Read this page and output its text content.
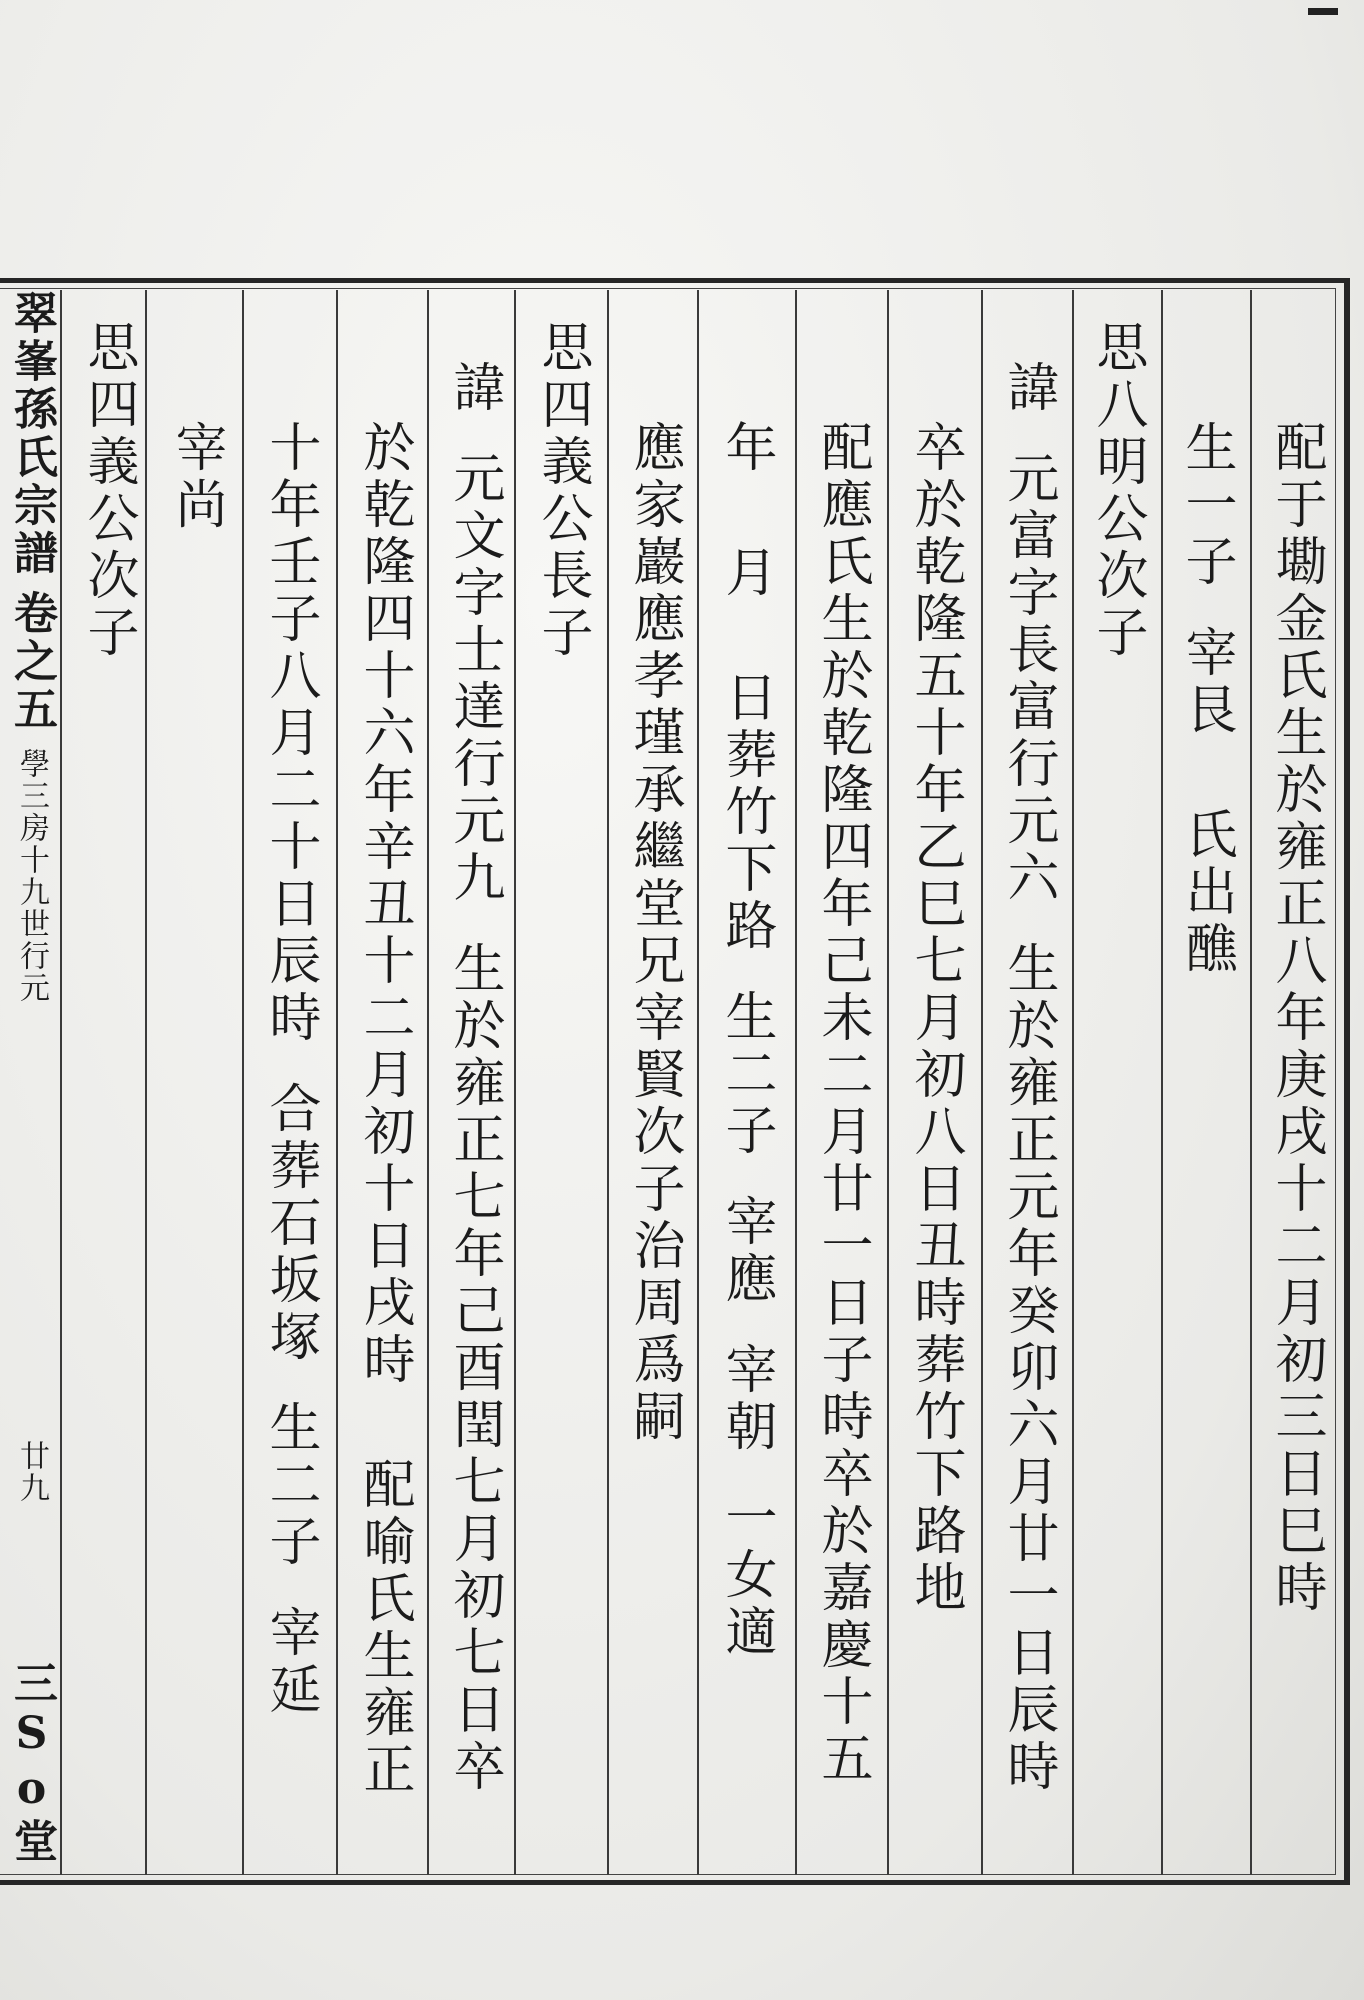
配于墈金氏生於雍正八年庚戌十二月初三日巳時
生一子宰艮氏出醮
思八明公次子
諱元富字長富行元六生於雍正元年癸卯六月廿一日辰時
卒於乾隆五十年乙巳七月初八日丑時葬竹下路地
配應氏生於乾隆四年己未二月廿一日子時卒於嘉慶十五
年月日葬竹下路生二子宰應宰朝一女適
應家巖應孝瑾承繼堂兄宰賢次子治周爲嗣
思四義公長子
諱元文字士達行元九生於雍正七年己酉閏七月初七日卒
於乾隆四十六年辛丑十二月初十日戌時配喻氏生雍正
十年壬子八月二十日辰時合葬石坂塚生二子宰延
宰尚
思四義公次子
翠峯孫氏宗譜
卷之五
學三房十九世行元
廿九
三So堂
